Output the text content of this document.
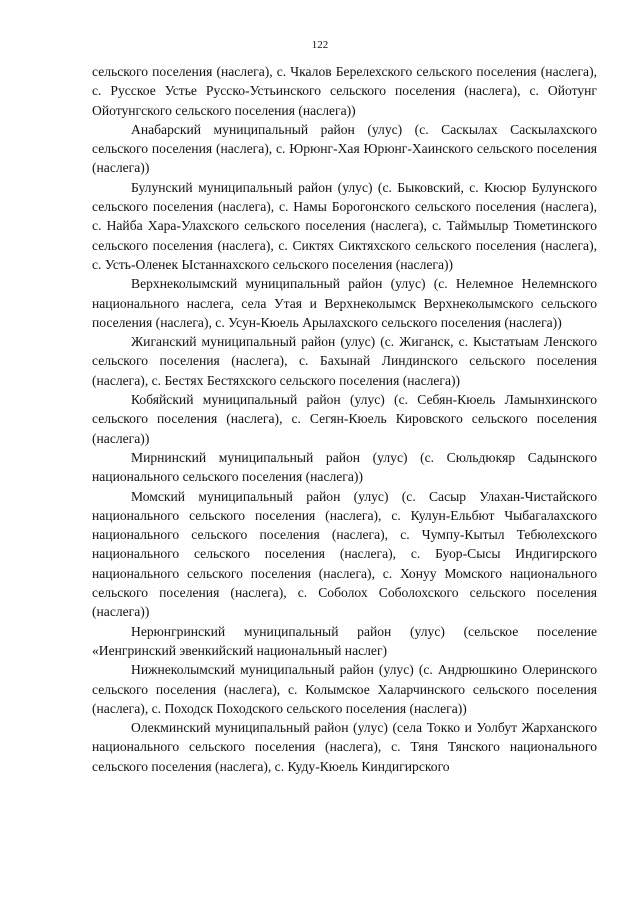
122

сельского поселения (наслега), с. Чкалов Берелехского сельского поселения (наслега), с. Русское Устье Русско-Устьинского сельского поселения (наслега), с. Ойотунг Ойотунгского сельского поселения (наслега))

Анабарский муниципальный район (улус) (с. Саскылах Саскылахского сельского поселения (наслега), с. Юрюнг-Хая Юрюнг-Хаинского сельского поселения (наслега))

Булунский муниципальный район (улус) (с. Быковский, с. Кюсюр Булунского сельского поселения (наслега), с. Намы Борогонского сельского поселения (наслега), с. Найба Хара-Улахского сельского поселения (наслега), с. Таймылыр Тюметинского сельского поселения (наслега), с. Сиктях Сиктяхского сельского поселения (наслега), с. Усть-Оленек Ыстаннахского сельского поселения (наслега))

Верхнеколымский муниципальный район (улус) (с. Нелемное Нелемнского национального наслега, села Утая и Верхнеколымск Верхнеколымского сельского поселения (наслега), с. Усун-Кюель Арылахского сельского поселения (наслега))

Жиганский муниципальный район (улус) (с. Жиганск, с. Кыстатыам Ленского сельского поселения (наслега), с. Бахынай Линдинского сельского поселения (наслега), с. Бестях Бестяхского сельского поселения (наслега))

Кобяйский муниципальный район (улус) (с. Себян-Кюель Ламынхинского сельского поселения (наслега), с. Сегян-Кюель Кировского сельского поселения (наслега))

Мирнинский муниципальный район (улус) (с. Сюльдюкяр Садынского национального сельского поселения (наслега))

Момский муниципальный район (улус) (с. Сасыр Улахан-Чистайского национального сельского поселения (наслега), с. Кулун-Ельбют Чыбагалахского национального сельского поселения (наслега), с. Чумпу-Кытыл Тебюлехского национального сельского поселения (наслега), с. Буор-Сысы Индигирского национального сельского поселения (наслега), с. Хонуу Момского национального сельского поселения (наслега), с. Соболох Соболохского сельского поселения (наслега))

Нерюнгринский муниципальный район (улус) (сельское поселение «Иенгринский эвенкийский национальный наслег)

Нижнеколымский муниципальный район (улус) (с. Андрюшкино Олеринского сельского поселения (наслега), с. Колымское Халарчинского сельского поселения (наслега), с. Походск Походского сельского поселения (наслега))

Олекминский муниципальный район (улус) (села Токко и Уолбут Жарханского национального сельского поселения (наслега), с. Тяня Тянского национального сельского поселения (наслега), с. Куду-Кюель Киндигирского
